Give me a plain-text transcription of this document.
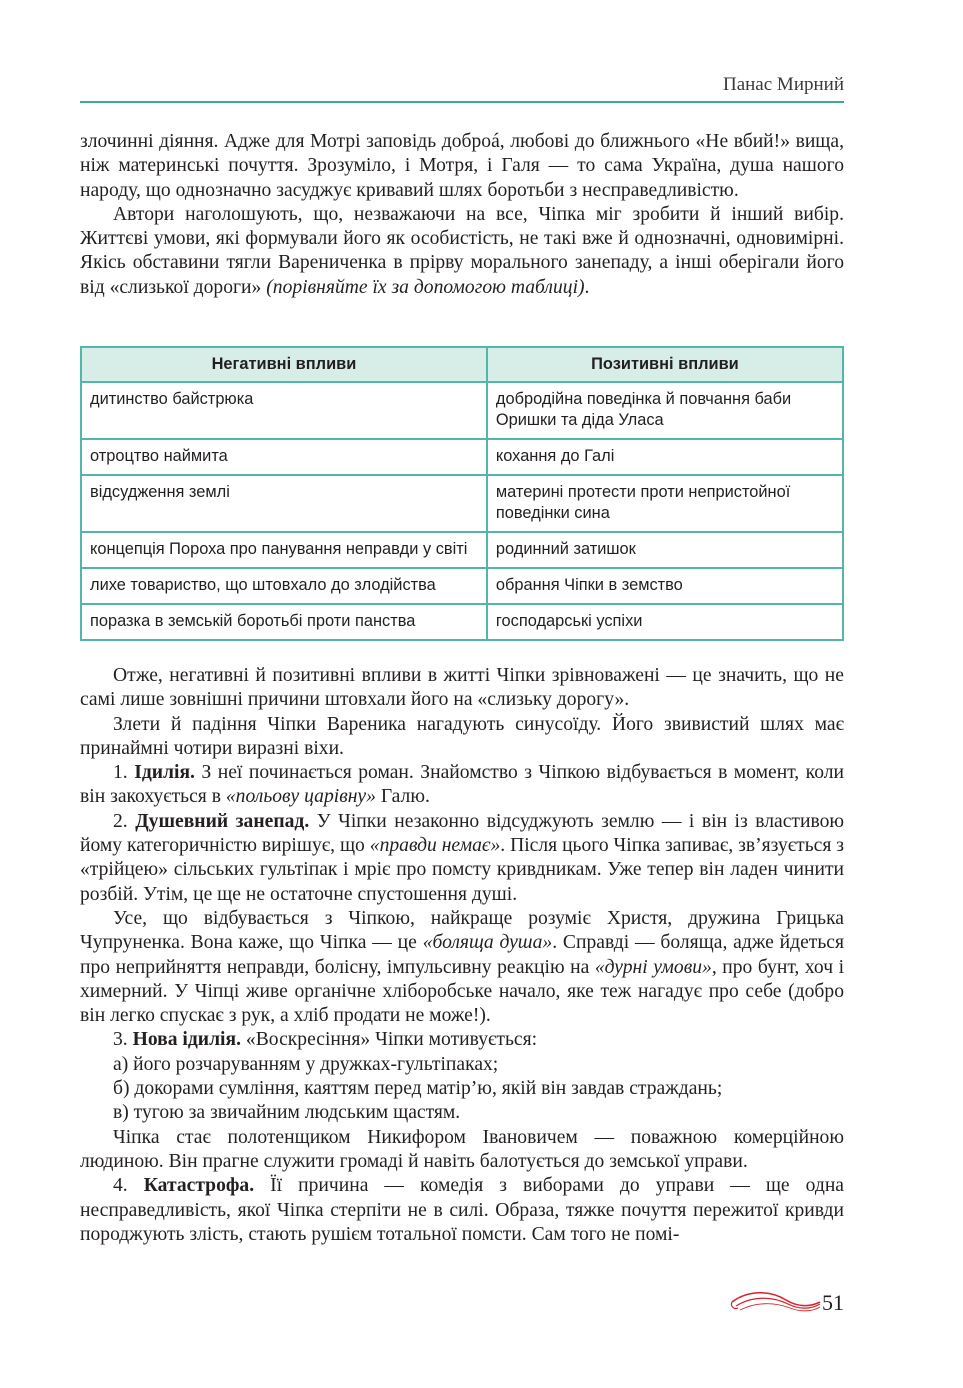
Панас Мирний

злочинні діяння. Адже для Мотрі заповідь доброá, любові до ближнього «Не вбий!» вища, ніж материнські почуття. Зрозуміло, і Мотря, і Галя — то сама Україна, душа нашого народу, що однозначно засуджує кривавий шлях боротьби з несправедливістю.

Автори наголошують, що, незважаючи на все, Чіпка міг зробити й інший вибір. Життєві умови, які формували його як особистість, не такі вже й однозначні, одновимірні. Якісь обставини тягли Варениченка в прірву морального занепаду, а інші оберігали його від «слизької дороги» (порівняйте їх за допомогою таблиці).

Негативні впливи	Позитивні впливи
дитинство байстрюка	добродійна поведінка й повчання баби Оришки та діда Уласа
отроцтво наймита	кохання до Галі
відсудження землі	материні протести проти непристойної поведінки сина
концепція Пороха про панування неправди у світі	родинний затишок
лихе товариство, що штовхало до злодійства	обрання Чіпки в земство
поразка в земській боротьбі проти панства	господарські успіхи

Отже, негативні й позитивні впливи в житті Чіпки зрівноважені — це значить, що не самі лише зовнішні причини штовхали його на «слизьку дорогу».

Злети й падіння Чіпки Вареника нагадують синусоїду. Його звивистий шлях має принаймні чотири виразні віхи.

1. Ідилія. З неї починається роман. Знайомство з Чіпкою відбувається в момент, коли він закохується в «польову царівну» Галю.

2. Душевний занепад. У Чіпки незаконно відсуджують землю — і він із властивою йому категоричністю вирішує, що «правди немає». Після цього Чіпка запиває, зв’язується з «трійцею» сільських гультіпак і мріє про помсту кривдникам. Уже тепер він ладен чинити розбій. Утім, це ще не остаточне спустошення душі.

Усе, що відбувається з Чіпкою, найкраще розуміє Христя, дружина Грицька Чупруненка. Вона каже, що Чіпка — це «болящa душа». Справді — боляща, адже йдеться про неприйняття неправди, болісну, імпульсивну реакцію на «дурні умови», про бунт, хоч і химерний. У Чіпці живе органічне хліборобське начало, яке теж нагадує про себе (добро він легко спускає з рук, а хліб продати не може!).

3. Нова ідилія. «Воскресіння» Чіпки мотивується:

а) його розчаруванням у дружках-гультіпаках;

б) докорами сумління, каяттям перед матір’ю, якій він завдав страждань;

в) тугою за звичайним людським щастям.

Чіпка стає полотенщиком Никифором Івановичем — поважною комерційною людиною. Він прагне служити громаді й навіть балотується до земської управи.

4. Катастрофа. Її причина — комедія з виборами до управи — ще одна несправедливість, якої Чіпка стерпіти не в силі. Образа, тяжке почуття пережитої кривди породжують злість, стають рушієм тотальної помсти. Сам того не помі-

51
